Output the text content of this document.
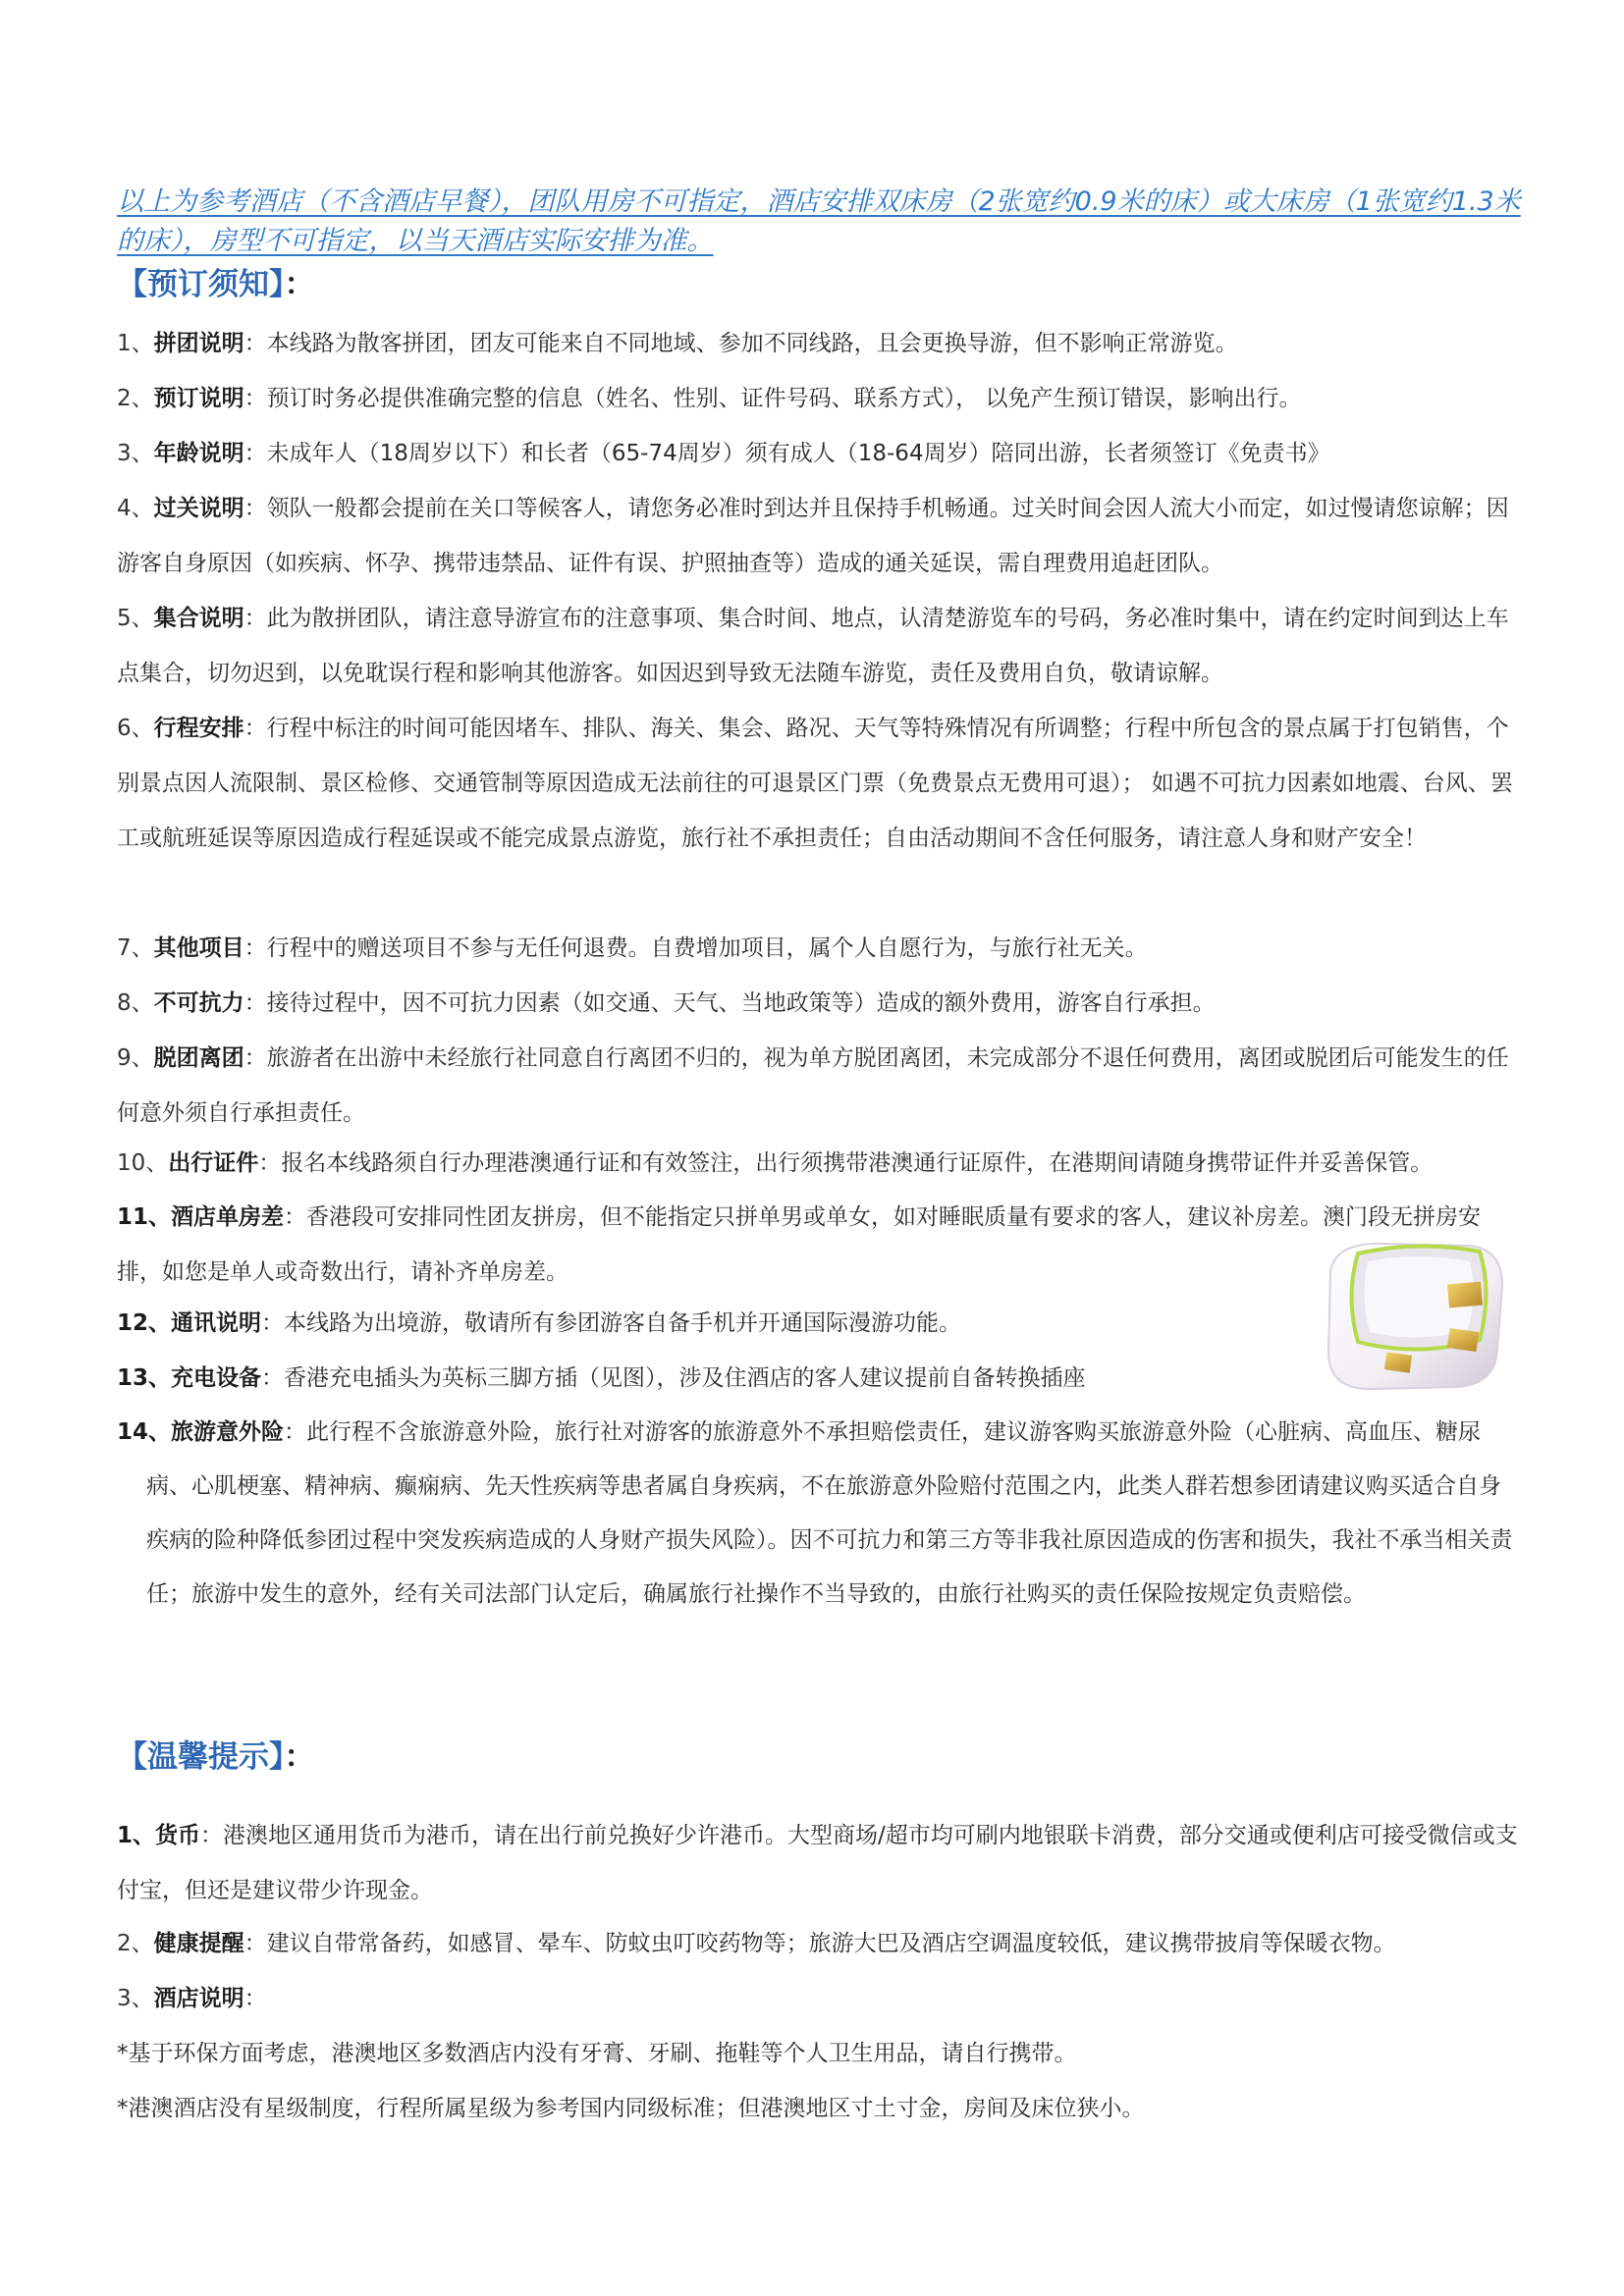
以上为参考酒店（不含酒店早餐），团队用房不可指定，酒店安排双床房（2张宽约0.9米的床）或大床房（1张宽约1.3米的床），房型不可指定，以当天酒店实际安排为准。
【预订须知】：
1、拼团说明：本线路为散客拼团，团友可能来自不同地域、参加不同线路，且会更换导游，但不影响正常游览。
2、预订说明：预订时务必提供准确完整的信息（姓名、性别、证件号码、联系方式）， 以免产生预订错误，影响出行。
3、年龄说明：未成年人（18周岁以下）和长者（65-74周岁）须有成人（18-64周岁）陪同出游，长者须签订《免责书》
4、过关说明：领队一般都会提前在关口等候客人，请您务必准时到达并且保持手机畅通。过关时间会因人流大小而定，如过慢请您谅解；因游客自身原因（如疾病、怀孕、携带违禁品、证件有误、护照抽查等）造成的通关延误，需自理费用追赶团队。
5、集合说明：此为散拼团队，请注意导游宣布的注意事项、集合时间、地点，认清楚游览车的号码，务必准时集中，请在约定时间到达上车点集合，切勿迟到，以免耽误行程和影响其他游客。如因迟到导致无法随车游览，责任及费用自负，敬请谅解。
6、行程安排：行程中标注的时间可能因堵车、排队、海关、集会、路况、天气等特殊情况有所调整；行程中所包含的景点属于打包销售，个别景点因人流限制、景区检修、交通管制等原因造成无法前往的可退景区门票（免费景点无费用可退）； 如遇不可抗力因素如地震、台风、罢工或航班延误等原因造成行程延误或不能完成景点游览，旅行社不承担责任；自由活动期间不含任何服务，请注意人身和财产安全！
7、其他项目：行程中的赠送项目不参与无任何退费。自费增加项目，属个人自愿行为，与旅行社无关。
8、不可抗力：接待过程中，因不可抗力因素（如交通、天气、当地政策等）造成的额外费用，游客自行承担。
9、脱团离团：旅游者在出游中未经旅行社同意自行离团不归的，视为单方脱团离团，未完成部分不退任何费用，离团或脱团后可能发生的任何意外须自行承担责任。
10、出行证件：报名本线路须自行办理港澳通行证和有效签注，出行须携带港澳通行证原件，在港期间请随身携带证件并妥善保管。
11、酒店单房差：香港段可安排同性团友拼房，但不能指定只拼单男或单女，如对睡眠质量有要求的客人，建议补房差。澳门段无拼房安排，如您是单人或奇数出行，请补齐单房差。
12、通讯说明：本线路为出境游，敬请所有参团游客自备手机并开通国际漫游功能。
13、充电设备：香港充电插头为英标三脚方插（见图），涉及住酒店的客人建议提前自备转换插座
14、旅游意外险：此行程不含旅游意外险，旅行社对游客的旅游意外不承担赔偿责任，建议游客购买旅游意外险（心脏病、高血压、糖尿病、心肌梗塞、精神病、癫痫病、先天性疾病等患者属自身疾病，不在旅游意外险赔付范围之内，此类人群若想参团请建议购买适合自身疾病的险种降低参团过程中突发疾病造成的人身财产损失风险）。因不可抗力和第三方等非我社原因造成的伤害和损失，我社不承当相关责任；旅游中发生的意外，经有关司法部门认定后，确属旅行社操作不当导致的，由旅行社购买的责任保险按规定负责赔偿。
【温馨提示】：
1、货币：港澳地区通用货币为港币，请在出行前兑换好少许港币。大型商场/超市均可刷内地银联卡消费，部分交通或便利店可接受微信或支付宝，但还是建议带少许现金。
2、健康提醒：建议自带常备药，如感冒、晕车、防蚊虫叮咬药物等；旅游大巴及酒店空调温度较低，建议携带披肩等保暖衣物。
3、酒店说明：
*基于环保方面考虑，港澳地区多数酒店内没有牙膏、牙刷、拖鞋等个人卫生用品，请自行携带。
*港澳酒店没有星级制度，行程所属星级为参考国内同级标准；但港澳地区寸土寸金，房间及床位狭小。
